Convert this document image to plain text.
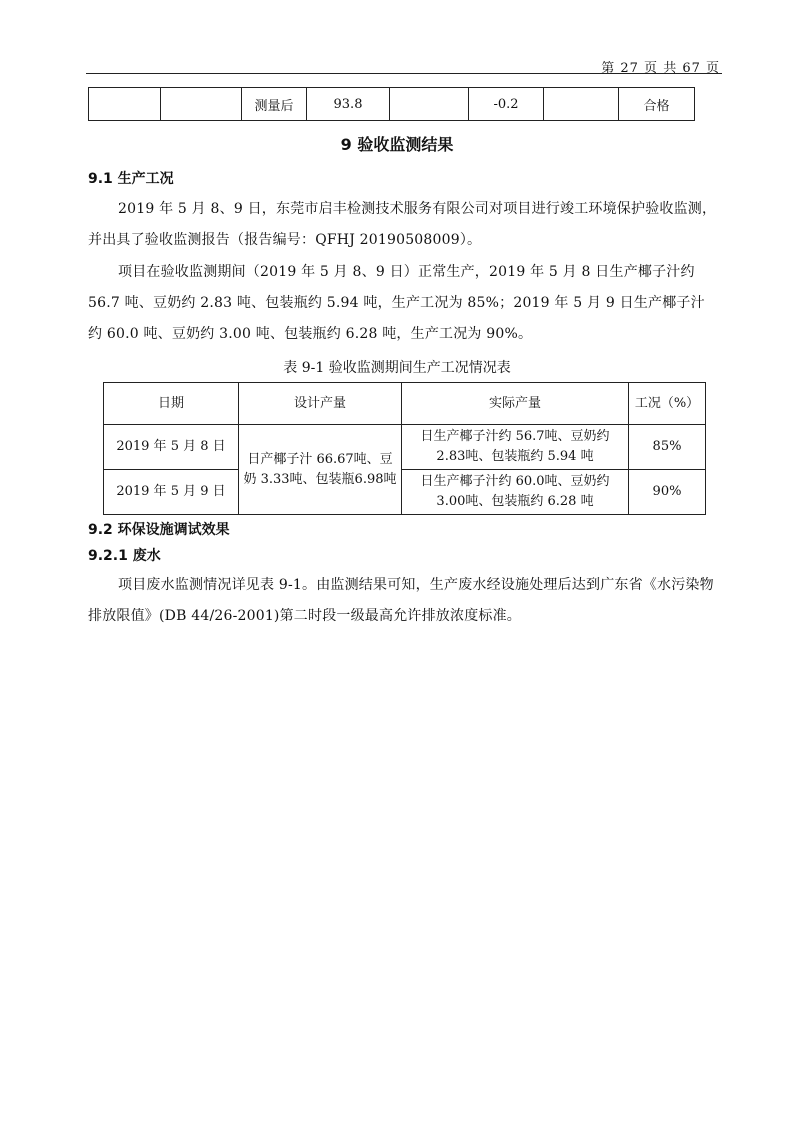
第 27 页 共 67 页
		测量后	93.8		-0.2		合格
9 验收监测结果
9.1 生产工况
2019 年 5 月 8、9 日，东莞市启丰检测技术服务有限公司对项目进行竣工环境保护验收监测，并出具了验收监测报告（报告编号：QFHJ 20190508009）。
项目在验收监测期间（2019 年 5 月 8、9 日）正常生产，2019 年 5 月 8 日生产椰子汁约 56.7 吨、豆奶约 2.83 吨、包装瓶约 5.94 吨，生产工况为 85%；2019 年 5 月 9 日生产椰子汁约 60.0 吨、豆奶约 3.00 吨、包装瓶约 6.28 吨，生产工况为 90%。
表 9-1 验收监测期间生产工况情况表
日期	设计产量	实际产量	工况（%）
2019 年 5 月 8 日	日产椰子汁 66.67吨、豆奶 3.33吨、包装瓶6.98吨	日生产椰子汁约 56.7吨、豆奶约 2.83吨、包装瓶约 5.94 吨	85%
2019 年 5 月 9 日		日生产椰子汁约 60.0吨、豆奶约 3.00吨、包装瓶约 6.28 吨	90%
9.2 环保设施调试效果
9.2.1 废水
项目废水监测情况详见表 9-1。由监测结果可知，生产废水经设施处理后达到广东省《水污染物排放限值》(DB 44/26-2001)第二时段一级最高允许排放浓度标准。
